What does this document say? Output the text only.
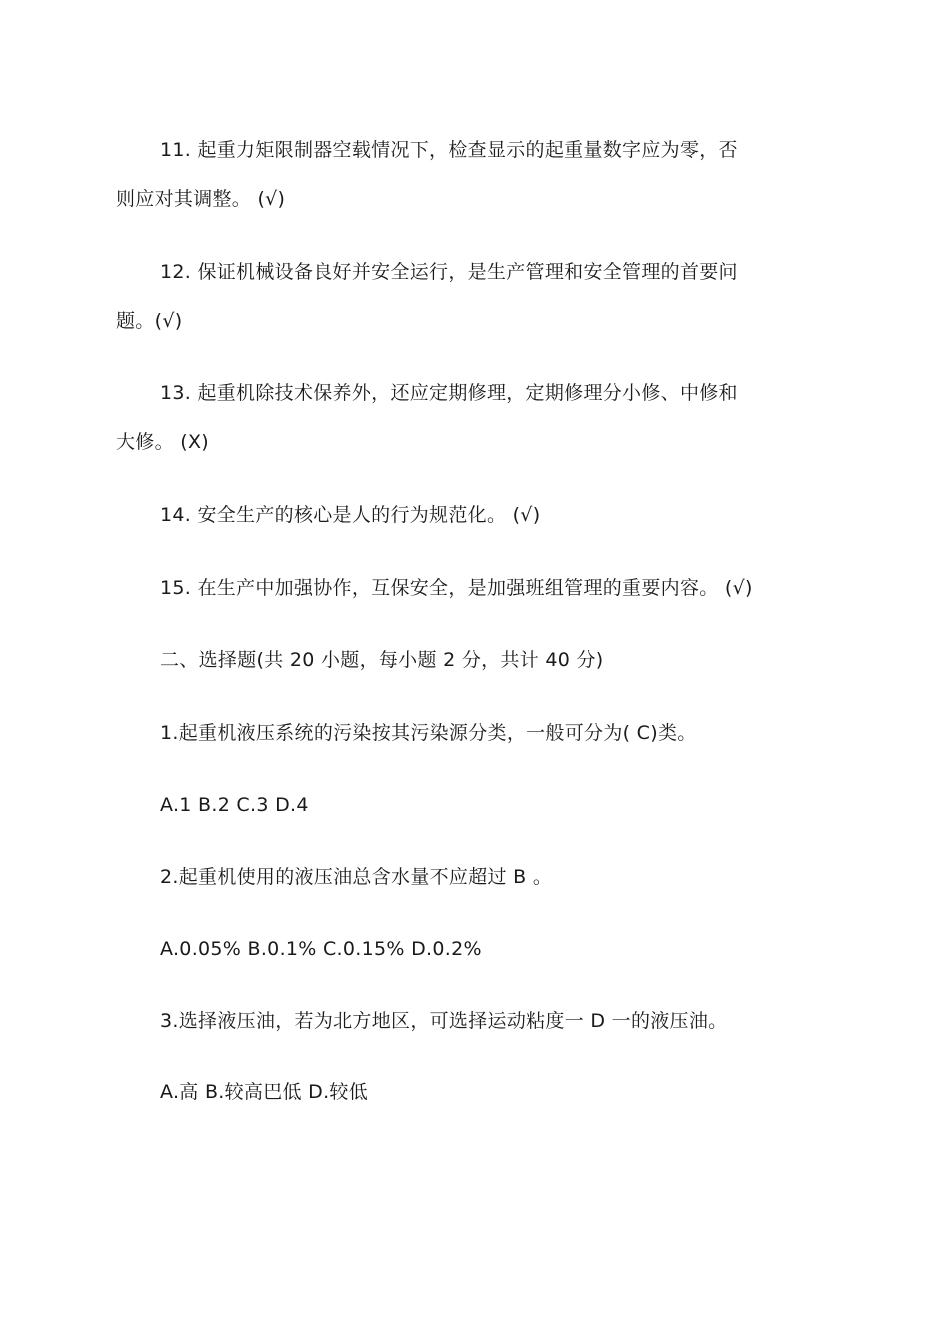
11. 起重力矩限制器空载情况下，检查显示的起重量数字应为零，否
则应对其调整。 (√)
12. 保证机械设备良好并安全运行，是生产管理和安全管理的首要问
题。(√)
13. 起重机除技术保养外，还应定期修理，定期修理分小修、中修和
大修。 (X)
14. 安全生产的核心是人的行为规范化。 (√)
15. 在生产中加强协作，互保安全，是加强班组管理的重要内容。 (√)
二、选择题(共 20 小题，每小题 2 分，共计 40 分)
1.起重机液压系统的污染按其污染源分类，一般可分为( C)类。
A.1 B.2 C.3 D.4
2.起重机使用的液压油总含水量不应超过 B 。
A.0.05% B.0.1% C.0.15% D.0.2%
3.选择液压油，若为北方地区，可选择运动粘度一 D 一的液压油。
A.高 B.较高巴低 D.较低
